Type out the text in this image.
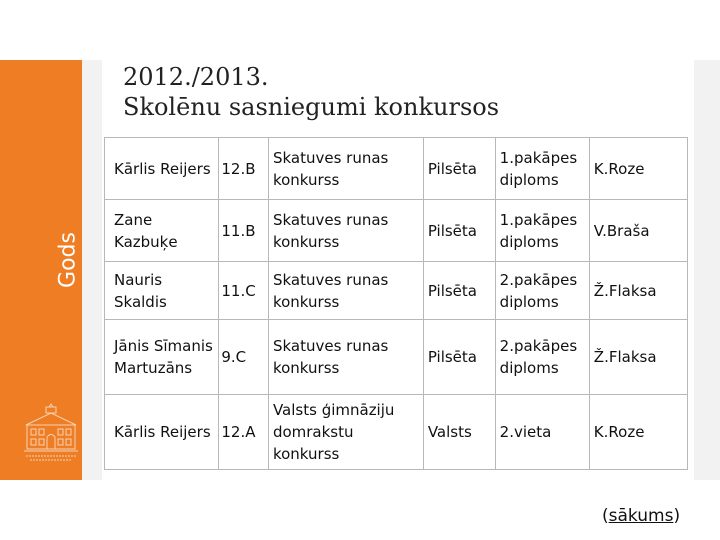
Gods
2012./2013.
Skolēnu sasniegumi konkursos
Kārlis Reijers	12.B	Skatuves runas konkurss	Pilsēta	1.pakāpes diploms	K.Roze
Zane Kazbuķe	11.B	Skatuves runas konkurss	Pilsēta	1.pakāpes diploms	V.Braša
Nauris Skaldis	11.C	Skatuves runas konkurss	Pilsēta	2.pakāpes diploms	Ž.Flaksa
Jānis Sīmanis Martuzāns	9.C	Skatuves runas konkurss	Pilsēta	2.pakāpes diploms	Ž.Flaksa
Kārlis Reijers	12.A	Valsts ģimnāziju domrakstu konkurss	Valsts	2.vieta	K.Roze
(sākums)
